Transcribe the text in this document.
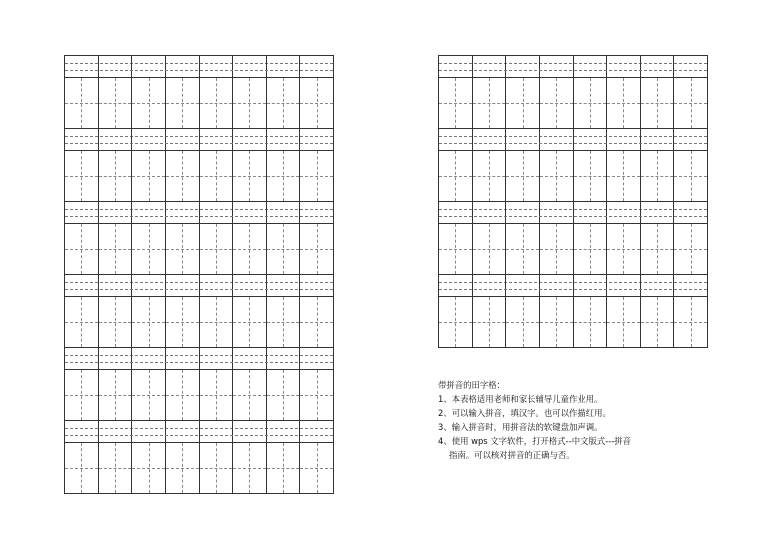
带拼音的田字格：
1、本表格适用老师和家长辅导儿童作业用。
2、可以输入拼音，填汉字。也可以作描红用。
3、输入拼音时，用拼音法的软键盘加声调。
4、使用 wps 文字软件，打开格式--中文版式---拼音
指南。可以核对拼音的正确与否。
